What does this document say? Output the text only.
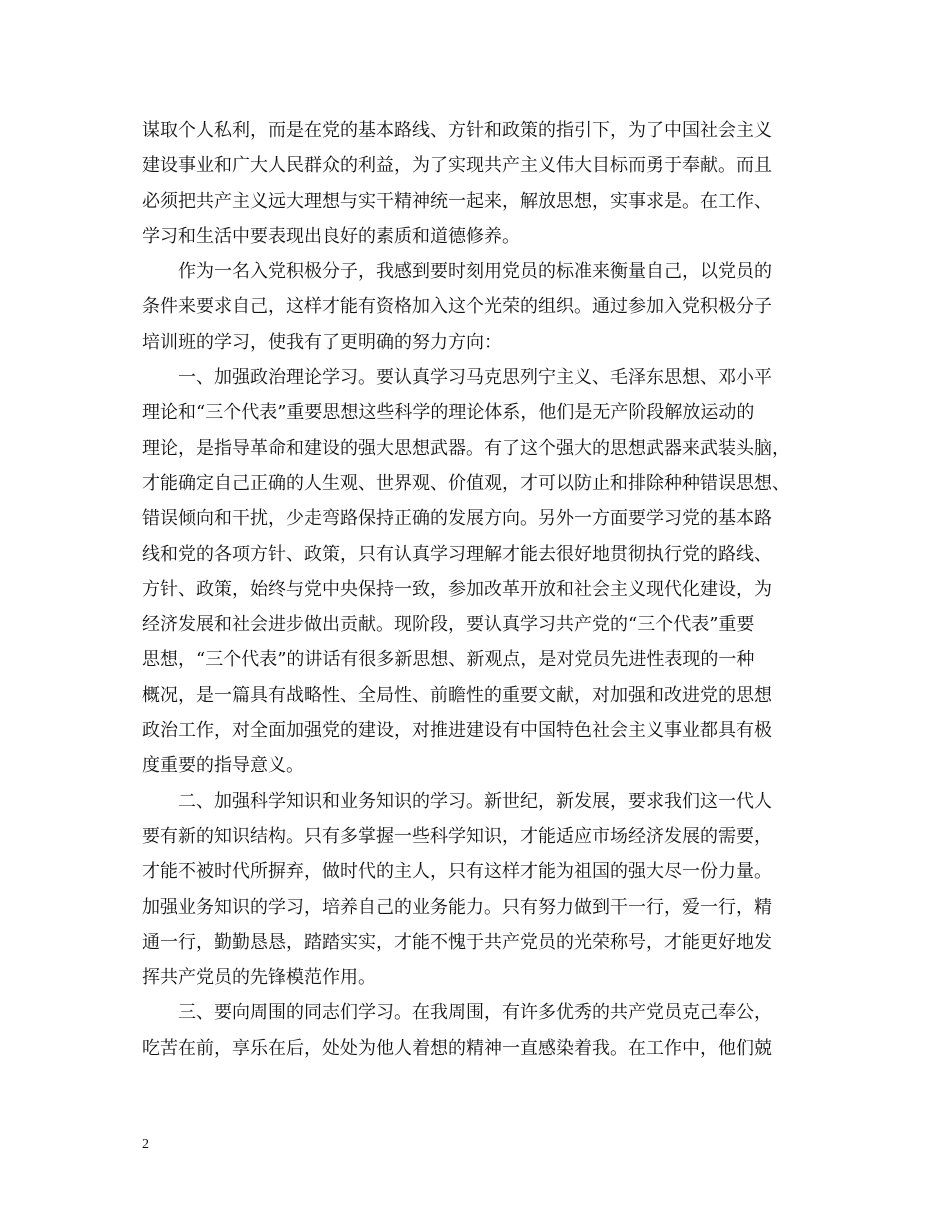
谋取个人私利，而是在党的基本路线、方针和政策的指引下，为了中国社会主义
建设事业和广大人民群众的利益，为了实现共产主义伟大目标而勇于奉献。而且
必须把共产主义远大理想与实干精神统一起来，解放思想，实事求是。在工作、
学习和生活中要表现出良好的素质和道德修养。
作为一名入党积极分子，我感到要时刻用党员的标准来衡量自己，以党员的
条件来要求自己，这样才能有资格加入这个光荣的组织。通过参加入党积极分子
培训班的学习，使我有了更明确的努力方向：
一、加强政治理论学习。要认真学习马克思列宁主义、毛泽东思想、邓小平
理论和“三个代表”重要思想这些科学的理论体系，他们是无产阶段解放运动的
理论，是指导革命和建设的强大思想武器。有了这个强大的思想武器来武装头脑，
才能确定自己正确的人生观、世界观、价值观，才可以防止和排除种种错误思想、
错误倾向和干扰，少走弯路保持正确的发展方向。另外一方面要学习党的基本路
线和党的各项方针、政策，只有认真学习理解才能去很好地贯彻执行党的路线、
方针、政策，始终与党中央保持一致，参加改革开放和社会主义现代化建设，为
经济发展和社会进步做出贡献。现阶段，要认真学习共产党的“三个代表”重要
思想，“三个代表”的讲话有很多新思想、新观点，是对党员先进性表现的一种
概况，是一篇具有战略性、全局性、前瞻性的重要文献，对加强和改进党的思想
政治工作，对全面加强党的建设，对推进建设有中国特色社会主义事业都具有极
度重要的指导意义。
二、加强科学知识和业务知识的学习。新世纪，新发展，要求我们这一代人
要有新的知识结构。只有多掌握一些科学知识，才能适应市场经济发展的需要，
才能不被时代所摒弃，做时代的主人，只有这样才能为祖国的强大尽一份力量。
加强业务知识的学习，培养自己的业务能力。只有努力做到干一行，爱一行，精
通一行，勤勤恳恳，踏踏实实，才能不愧于共产党员的光荣称号，才能更好地发
挥共产党员的先锋模范作用。
三、要向周围的同志们学习。在我周围，有许多优秀的共产党员克己奉公，
吃苦在前，享乐在后，处处为他人着想的精神一直感染着我。在工作中，他们兢
2
